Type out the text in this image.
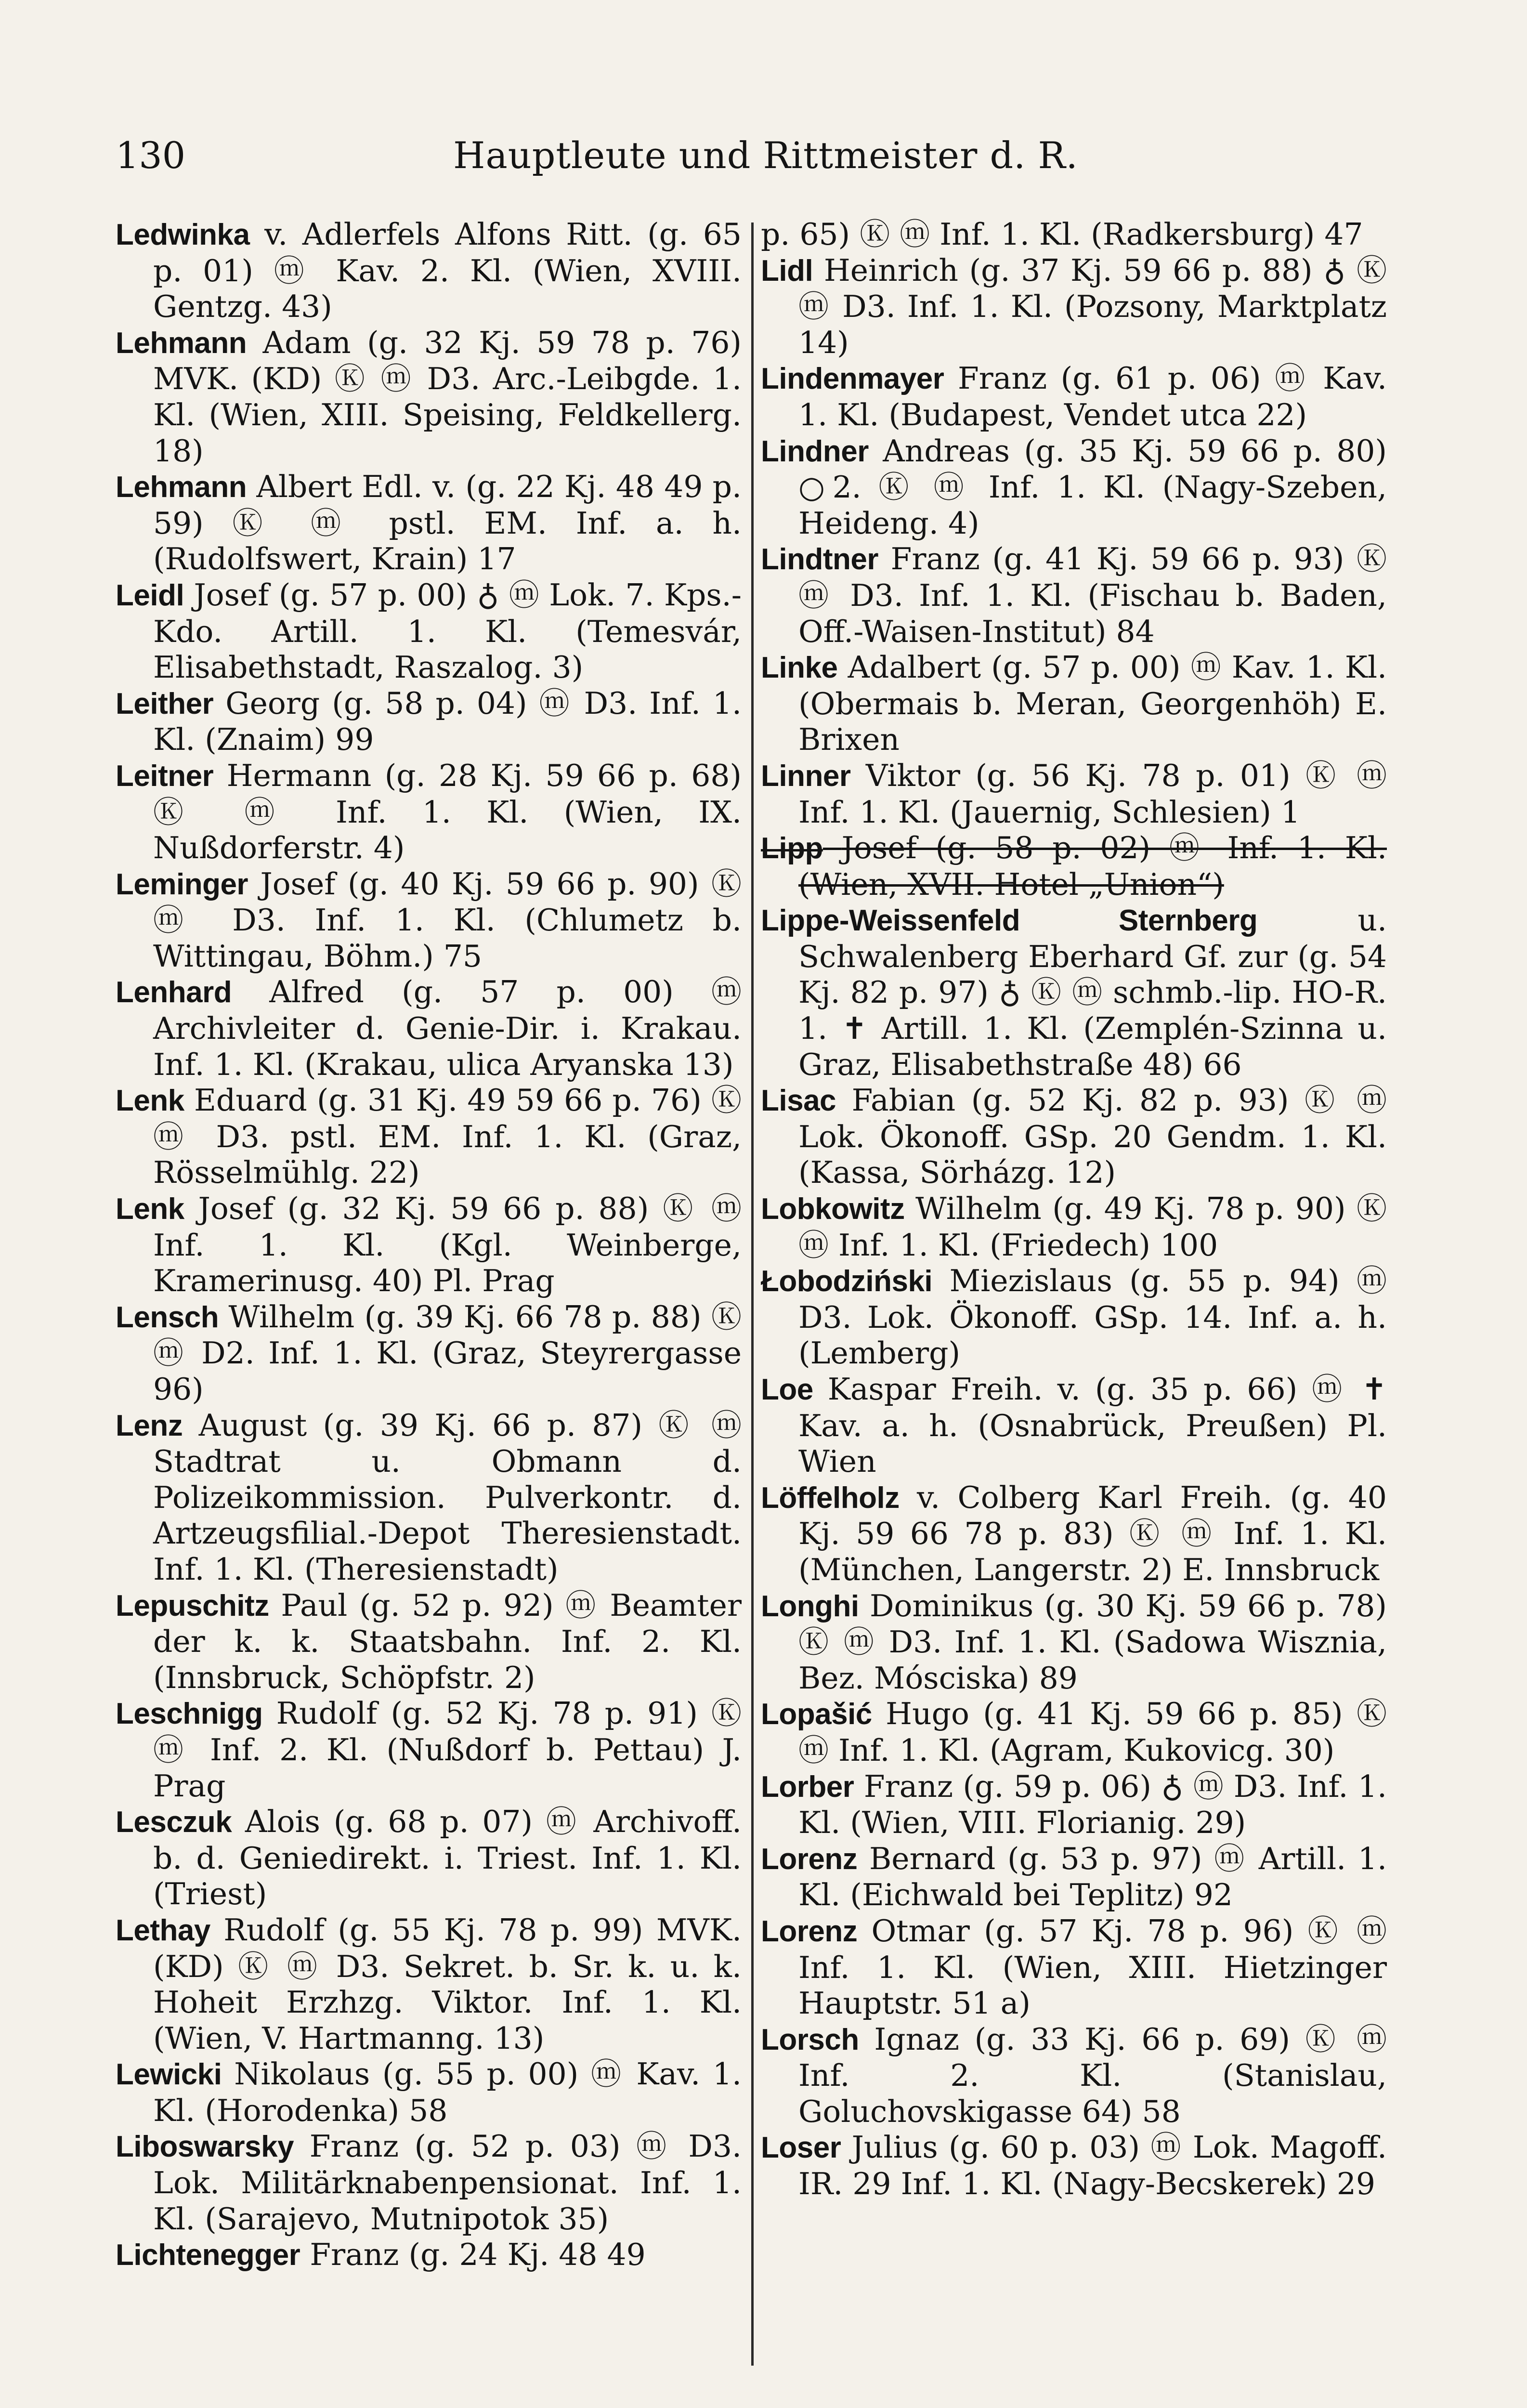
130	Hauptleute und Rittmeister d. R.

Ledwinka v. Adlerfels Alfons Ritt. (g. 65 p. 01) ⓜ Kav. 2. Kl. (Wien, XVIII. Gentzg. 43)

Lehmann Adam (g. 32 Kj. 59 78 p. 76) MVK. (KD) Ⓚ ⓜ D3. Arc.-Leibgde. 1. Kl. (Wien, XIII. Speising, Feldkellerg. 18)

Lehmann Albert Edl. v. (g. 22 Kj. 48 49 p. 59) Ⓚ ⓜ pstl. EM. Inf. a. h. (Rudolfswert, Krain) 17

Leidl Josef (g. 57 p. 00) ♁ ⓜ Lok. 7. Kps.- Kdo. Artill. 1. Kl. (Temesvár, Elisabethstadt, Raszalog. 3)

Leither Georg (g. 58 p. 04) ⓜ D3. Inf. 1. Kl. (Znaim) 99

Leitner Hermann (g. 28 Kj. 59 66 p. 68) Ⓚ ⓜ Inf. 1. Kl. (Wien, IX. Nußdorferstr. 4)

Leminger Josef (g. 40 Kj. 59 66 p. 90) Ⓚ ⓜ D3. Inf. 1. Kl. (Chlumetz b. Wittingau, Böhm.) 75

Lenhard Alfred (g. 57 p. 00) ⓜ Archivleiter d. Genie-Dir. i. Krakau. Inf. 1. Kl. (Krakau, ulica Aryanska 13)

Lenk Eduard (g. 31 Kj. 49 59 66 p. 76) Ⓚ ⓜ D3. pstl. EM. Inf. 1. Kl. (Graz, Rösselmühlg. 22)

Lenk Josef (g. 32 Kj. 59 66 p. 88) Ⓚ ⓜ Inf. 1. Kl. (Kgl. Weinberge, Kramerinusg. 40) Pl. Prag

Lensch Wilhelm (g. 39 Kj. 66 78 p. 88) Ⓚ ⓜ D2. Inf. 1. Kl. (Graz, Steyrergasse 96)

Lenz August (g. 39 Kj. 66 p. 87) Ⓚ ⓜ Stadtrat u. Obmann d. Polizeikommission. Pulverkontr. d. Artzeugsfilial.-Depot Theresienstadt. Inf. 1. Kl. (Theresienstadt)

Lepuschitz Paul (g. 52 p. 92) ⓜ Beamter der k. k. Staatsbahn. Inf. 2. Kl. (Innsbruck, Schöpfstr. 2)

Leschnigg Rudolf (g. 52 Kj. 78 p. 91) Ⓚ ⓜ Inf. 2. Kl. (Nußdorf b. Pettau) J. Prag

Lesczuk Alois (g. 68 p. 07) ⓜ Archivoff. b. d. Geniedirekt. i. Triest. Inf. 1. Kl. (Triest)

Lethay Rudolf (g. 55 Kj. 78 p. 99) MVK. (KD) Ⓚ ⓜ D3. Sekret. b. Sr. k. u. k. Hoheit Erzhzg. Viktor. Inf. 1. Kl. (Wien, V. Hartmanng. 13)

Lewicki Nikolaus (g. 55 p. 00) ⓜ Kav. 1. Kl. (Horodenka) 58

Liboswarsky Franz (g. 52 p. 03) ⓜ D3. Lok. Militärknabenpensionat. Inf. 1. Kl. (Sarajevo, Mutnipotok 35)

Lichtenegger Franz (g. 24 Kj. 48 49

p. 65) Ⓚ ⓜ Inf. 1. Kl. (Radkersburg) 47

Lidl Heinrich (g. 37 Kj. 59 66 p. 88) ♁ Ⓚ ⓜ D3. Inf. 1. Kl. (Pozsony, Marktplatz 14)

Lindenmayer Franz (g. 61 p. 06) ⓜ Kav. 1. Kl. (Budapest, Vendet utca 22)

Lindner Andreas (g. 35 Kj. 59 66 p. 80) ○2. Ⓚ ⓜ Inf. 1. Kl. (Nagy-Szeben, Heideng. 4)

Lindtner Franz (g. 41 Kj. 59 66 p. 93) Ⓚ ⓜ D3. Inf. 1. Kl. (Fischau b. Baden, Off.-Waisen-Institut) 84

Linke Adalbert (g. 57 p. 00) ⓜ Kav. 1. Kl. (Obermais b. Meran, Georgenhöh) E. Brixen

Linner Viktor (g. 56 Kj. 78 p. 01) Ⓚ ⓜ Inf. 1. Kl. (Jauernig, Schlesien) 1

Lipp Josef (g. 58 p. 02) ⓜ Inf. 1. Kl. (Wien, XVII. Hotel „Union“)

Lippe-Weissenfeld Sternberg	u. Schwalenberg Eberhard Gf. zur (g. 54 Kj. 82 p. 97) ♁ Ⓚ ⓜ schmb.-lip. HO-R. 1. ✝ Artill. 1. Kl. (Zemplén-Szinna u. Graz, Elisabethstraße 48) 66

Lisac Fabian (g. 52 Kj. 82 p. 93) Ⓚ ⓜ Lok. Ökonoff. GSp. 20 Gendm. 1. Kl. (Kassa, Sörházg. 12)

Lobkowitz Wilhelm (g. 49 Kj. 78 p. 90) Ⓚ ⓜ Inf. 1. Kl. (Friedech) 100

Łobodziński Miezislaus (g. 55 p. 94) ⓜ D3. Lok. Ökonoff. GSp. 14. Inf. a. h. (Lemberg)

Loe Kaspar Freih. v. (g. 35 p. 66) ⓜ ✝ Kav. a. h. (Osnabrück, Preußen) Pl. Wien

Löffelholz v. Colberg Karl Freih. (g. 40 Kj. 59 66 78 p. 83) Ⓚ ⓜ Inf. 1. Kl. (München, Langerstr. 2) E. Innsbruck

Longhi Dominikus (g. 30 Kj. 59 66 p. 78) Ⓚ ⓜ D3. Inf. 1. Kl. (Sadowa Wisznia, Bez. Mósciska) 89

Lopašić Hugo (g. 41 Kj. 59 66 p. 85) Ⓚ ⓜ Inf. 1. Kl. (Agram, Kukovicg. 30)

Lorber Franz (g. 59 p. 06) ♁ ⓜ D3. Inf. 1. Kl. (Wien, VIII. Florianig. 29)

Lorenz Bernard (g. 53 p. 97) ⓜ Artill. 1. Kl. (Eichwald bei Teplitz) 92

Lorenz Otmar (g. 57 Kj. 78 p. 96) Ⓚ ⓜ Inf. 1. Kl. (Wien, XIII. Hietzinger Hauptstr. 51 a)

Lorsch Ignaz (g. 33 Kj. 66 p. 69) Ⓚ ⓜ Inf. 2. Kl. (Stanislau, Goluchovskigasse 64) 58

Loser Julius (g. 60 p. 03) ⓜ Lok. Magoff. IR. 29 Inf. 1. Kl. (Nagy-Becskerek) 29
